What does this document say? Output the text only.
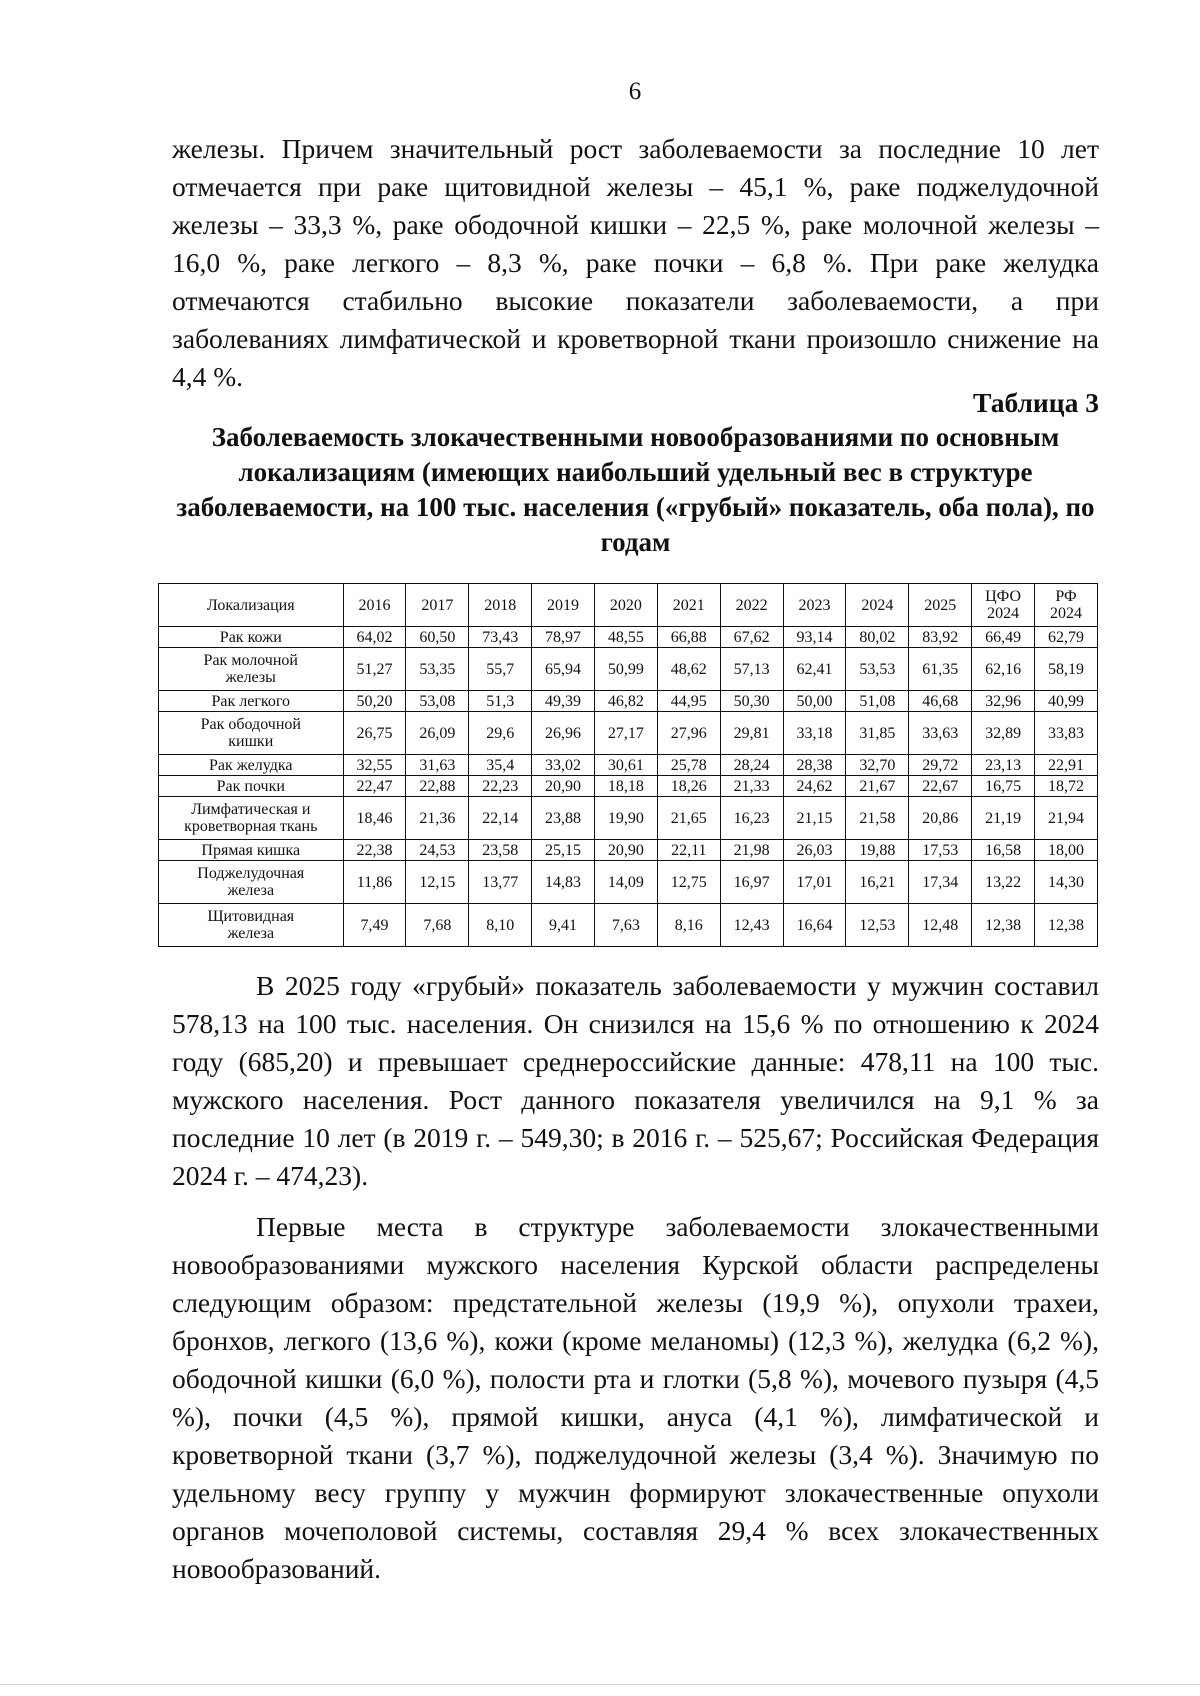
6

железы. Причем значительный рост заболеваемости за последние 10 лет отмечается при раке щитовидной железы – 45,1 %, раке поджелудочной железы – 33,3 %, раке ободочной кишки – 22,5 %, раке молочной железы – 16,0 %, раке легкого – 8,3 %, раке почки – 6,8 %. При раке желудка отмечаются стабильно высокие показатели заболеваемости, а при заболеваниях лимфатической и кроветворной ткани произошло снижение на 4,4 %.

Таблица 3
Заболеваемость злокачественными новообразованиями по основным локализациям (имеющих наибольший удельный вес в структуре заболеваемости, на 100 тыс. населения («грубый» показатель, оба пола), по годам
Локализация	2016	2017	2018	2019	2020	2021	2022	2023	2024	2025	ЦФО
2024	РФ
2024

Рак кожи	64,02	60,50	73,43	78,97	48,55	66,88	67,62	93,14	80,02	83,92	66,49	62,79

Рак молочной
железы	51,27	53,35	55,7	65,94	50,99	48,62	57,13	62,41	53,53	61,35	62,16	58,19
Рак легкого	50,20	53,08	51,3	49,39	46,82	44,95	50,30	50,00	51,08	46,68	32,96	40,99

Рак ободочной
кишки	26,75	26,09	29,6	26,96	27,17	27,96	29,81	33,18	31,85	33,63	32,89	33,83
Рак желудка	32,55	31,63	35,4	33,02	30,61	25,78	28,24	28,38	32,70	29,72	23,13	22,91
Рак почки	22,47	22,88	22,23	20,90	18,18	18,26	21,33	24,62	21,67	22,67	16,75	18,72

Лимфатическая и
кроветворная ткань	18,46	21,36	22,14	23,88	19,90	21,65	16,23	21,15	21,58	20,86	21,19	21,94
Прямая кишка	22,38	24,53	23,58	25,15	20,90	22,11	21,98	26,03	19,88	17,53	16,58	18,00

Поджелудочная
железа	11,86	12,15	13,77	14,83	14,09	12,75	16,97	17,01	16,21	17,34	13,22	14,30

Щитовидная
железа	7,49	7,68	8,10	9,41	7,63	8,16	12,43	16,64	12,53	12,48	12,38	12,38

В 2025 году «грубый» показатель заболеваемости у мужчин составил 578,13 на 100 тыс. населения. Он снизился на 15,6 % по отношению к 2024 году (685,20) и превышает среднероссийские данные: 478,11 на 100 тыс. мужского населения. Рост данного показателя увеличился на 9,1 % за последние 10 лет (в 2019 г. – 549,30; в 2016 г. – 525,67; Российская Федерация 2024 г. – 474,23).

Первые места в структуре заболеваемости злокачественными новообразованиями мужского населения Курской области распределены следующим образом: предстательной железы (19,9 %), опухоли трахеи, бронхов, легкого (13,6 %), кожи (кроме меланомы) (12,3 %), желудка (6,2 %), ободочной кишки (6,0 %), полости рта и глотки (5,8 %), мочевого пузыря (4,5 %), почки (4,5 %), прямой кишки, ануса (4,1 %), лимфатической и кроветворной ткани (3,7 %), поджелудочной железы (3,4 %). Значимую по удельному весу группу у мужчин формируют злокачественные опухоли органов мочеполовой системы, составляя 29,4 % всех злокачественных новообразований.
